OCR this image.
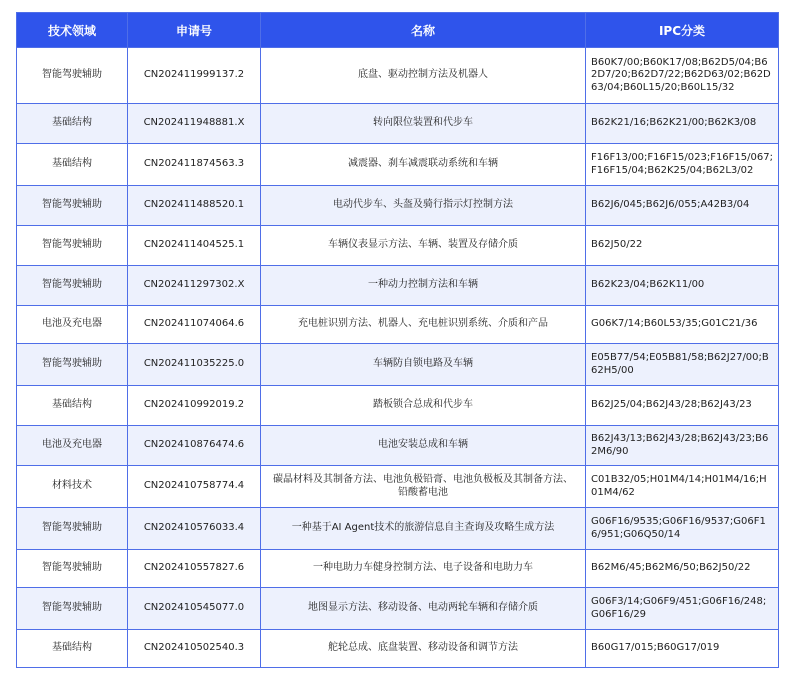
技术领域	申请号	名称	IPC分类
智能驾驶辅助	CN202411999137.2	底盘、驱动控制方法及机器人	B60K7/00;B60K17/08;B62D5/04;B62D7/20;B62D7/22;B62D63/02;B62D63/04;B60L15/20;B60L15/32
基础结构	CN202411948881.X	转向限位装置和代步车	B62K21/16;B62K21/00;B62K3/08
基础结构	CN202411874563.3	减震器、刹车减震联动系统和车辆	F16F13/00;F16F15/023;F16F15/067;F16F15/04;B62K25/04;B62L3/02
智能驾驶辅助	CN202411488520.1	电动代步车、头盔及骑行指示灯控制方法	B62J6/045;B62J6/055;A42B3/04
智能驾驶辅助	CN202411404525.1	车辆仪表显示方法、车辆、装置及存储介质	B62J50/22
智能驾驶辅助	CN202411297302.X	一种动力控制方法和车辆	B62K23/04;B62K11/00
电池及充电器	CN202411074064.6	充电桩识别方法、机器人、充电桩识别系统、介质和产品	G06K7/14;B60L53/35;G01C21/36
智能驾驶辅助	CN202411035225.0	车辆防自锁电路及车辆	E05B77/54;E05B81/58;B62J27/00;B62H5/00
基础结构	CN202410992019.2	踏板锁合总成和代步车	B62J25/04;B62J43/28;B62J43/23
电池及充电器	CN202410876474.6	电池安装总成和车辆	B62J43/13;B62J43/28;B62J43/23;B62M6/90
材料技术	CN202410758774.4	碳晶材料及其制备方法、电池负极铅膏、电池负极板及其制备方法、铅酸蓄电池	C01B32/05;H01M4/14;H01M4/16;H01M4/62
智能驾驶辅助	CN202410576033.4	一种基于AI Agent技术的旅游信息自主查询及攻略生成方法	G06F16/9535;G06F16/9537;G06F16/951;G06Q50/14
智能驾驶辅助	CN202410557827.6	一种电助力车健身控制方法、电子设备和电助力车	B62M6/45;B62M6/50;B62J50/22
智能驾驶辅助	CN202410545077.0	地图显示方法、移动设备、电动两轮车辆和存储介质	G06F3/14;G06F9/451;G06F16/248;G06F16/29
基础结构	CN202410502540.3	舵轮总成、底盘装置、移动设备和调节方法	B60G17/015;B60G17/019
